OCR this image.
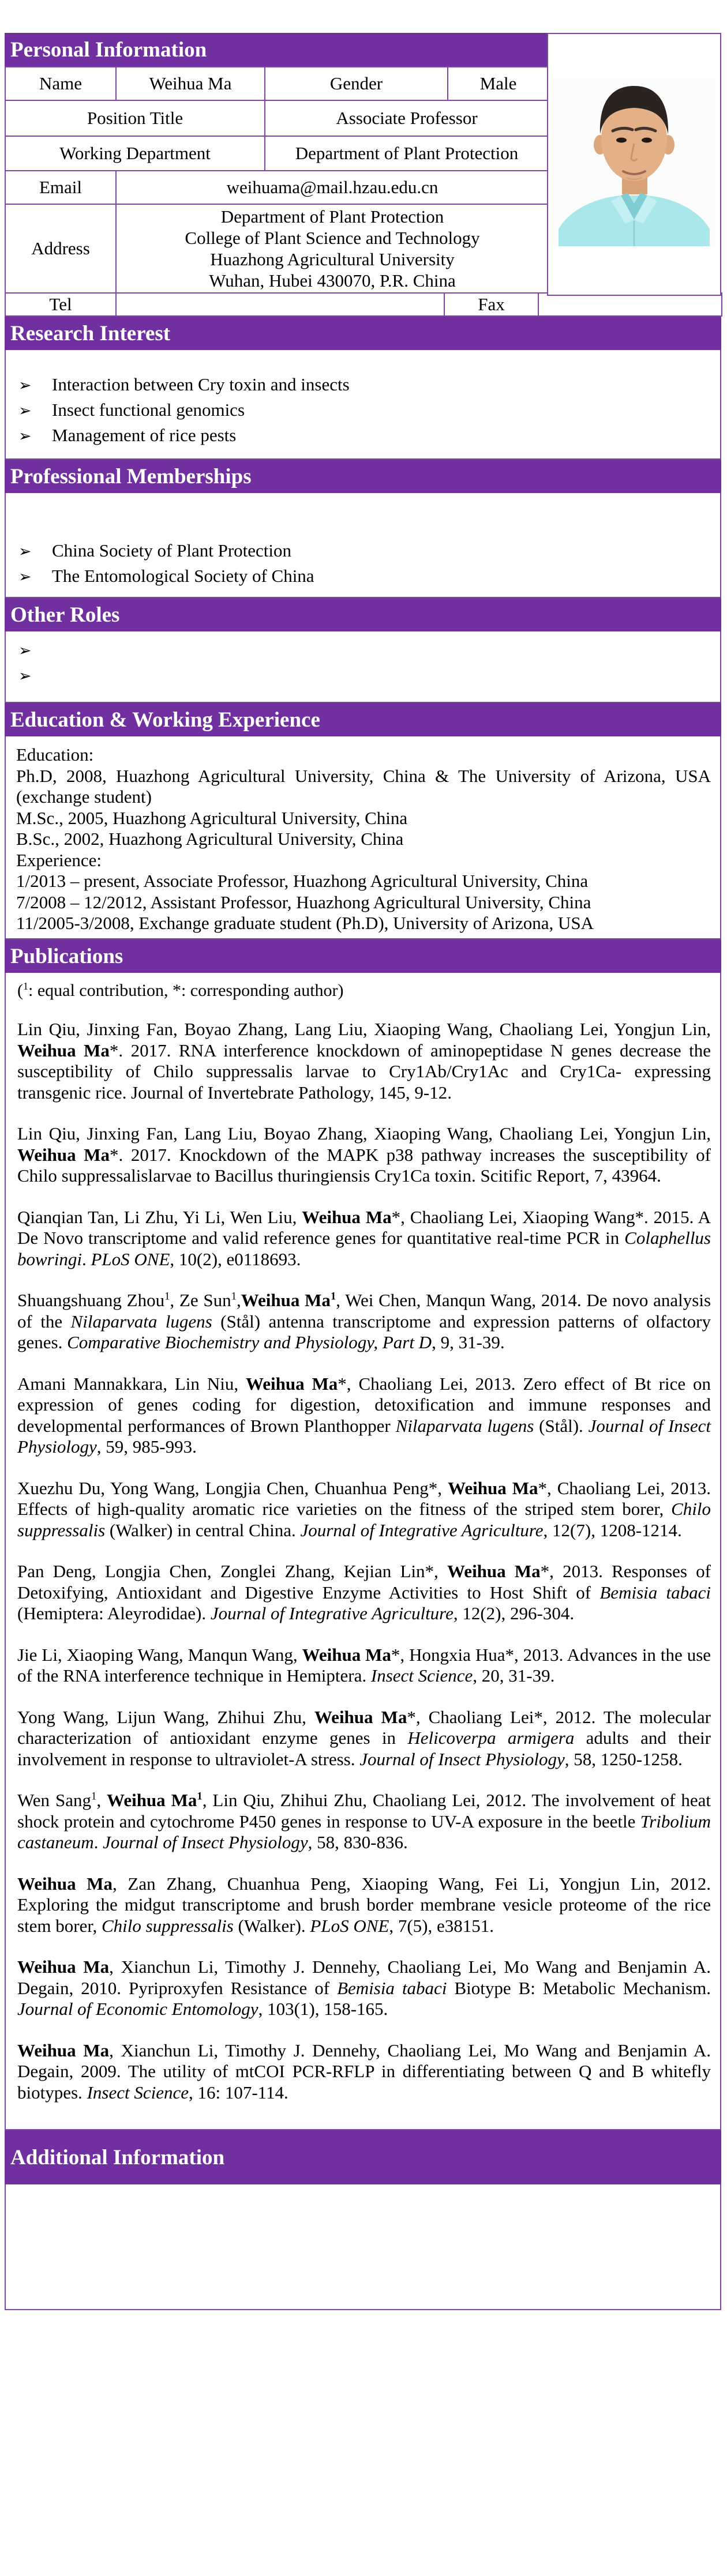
Personal Information
Name	Weihua Ma	Gender	Male
Position Title		Associate Professor	
Working Department		Department of Plant Protection	
Email	weihuama@mail.hzau.edu.cn		
Address	Department of Plant Protection
College of Plant Science and Technology
Huazhong Agricultural University
Wuhan, Hubei 430070, P.R. China		
Tel		Fax	
Research Interest
➢	Interaction between Cry toxin and insects
➢	Insect functional genomics
➢	Management of rice pests
Professional Memberships
➢	China Society of Plant Protection
➢	The Entomological Society of China
Other Roles
➢
➢
Education & Working Experience

Education:

Ph.D, 2008, Huazhong Agricultural University, China & The University of Arizona, USA (exchange student)

M.Sc., 2005, Huazhong Agricultural University, China

B.Sc., 2002, Huazhong Agricultural University, China

Experience:

1/2013 – present, Associate Professor, Huazhong Agricultural University, China

7/2008 – 12/2012, Assistant Professor, Huazhong Agricultural University, China

11/2005-3/2008, Exchange graduate student (Ph.D), University of Arizona, USA

Publications

($^1$: equal contribution, *: corresponding author)

Lin Qiu, Jinxing Fan, Boyao Zhang, Lang Liu, Xiaoping Wang, Chaoliang Lei, Yongjun Lin, Weihua Ma*. 2017. RNA interference knockdown of aminopeptidase N genes decrease the susceptibility of Chilo suppressalis larvae to Cry1Ab/Cry1Ac and Cry1Ca- expressing transgenic rice. Journal of Invertebrate Pathology, 145, 9-12.

Lin Qiu, Jinxing Fan, Lang Liu, Boyao Zhang, Xiaoping Wang, Chaoliang Lei, Yongjun Lin, Weihua Ma*. 2017. Knockdown of the MAPK p38 pathway increases the susceptibility of Chilo suppressalislarvae to Bacillus thuringiensis Cry1Ca toxin. Scitific Report, 7, 43964.

Qianqian Tan, Li Zhu, Yi Li, Wen Liu, Weihua Ma*, Chaoliang Lei, Xiaoping Wang*. 2015. A De Novo transcriptome and valid reference genes for quantitative real-time PCR in Colaphellus bowringi. PLoS ONE, 10(2), e0118693.

Shuangshuang Zhou$^1$, Ze Sun$^1$,Weihua Ma$^1$, Wei Chen, Manqun Wang, 2014. De novo analysis of the Nilaparvata lugens (Stål) antenna transcriptome and expression patterns of olfactory genes. Comparative Biochemistry and Physiology, Part D, 9, 31-39.

Amani Mannakkara, Lin Niu, Weihua Ma*, Chaoliang Lei, 2013. Zero effect of Bt rice on expression of genes coding for digestion, detoxification and immune responses and developmental performances of Brown Planthopper Nilaparvata lugens (Stål). Journal of Insect Physiology, 59, 985-993.

Xuezhu Du, Yong Wang, Longjia Chen, Chuanhua Peng*, Weihua Ma*, Chaoliang Lei, 2013. Effects of high-quality aromatic rice varieties on the fitness of the striped stem borer, Chilo suppressalis (Walker) in central China. Journal of Integrative Agriculture, 12(7), 1208-1214.

Pan Deng, Longjia Chen, Zonglei Zhang, Kejian Lin*, Weihua Ma*, 2013. Responses of Detoxifying, Antioxidant and Digestive Enzyme Activities to Host Shift of Bemisia tabaci (Hemiptera: Aleyrodidae). Journal of Integrative Agriculture, 12(2), 296-304.

Jie Li, Xiaoping Wang, Manqun Wang, Weihua Ma*, Hongxia Hua*, 2013. Advances in the use of the RNA interference technique in Hemiptera. Insect Science, 20, 31-39.

Yong Wang, Lijun Wang, Zhihui Zhu, Weihua Ma*, Chaoliang Lei*, 2012. The molecular characterization of antioxidant enzyme genes in Helicoverpa armigera adults and their involvement in response to ultraviolet-A stress. Journal of Insect Physiology, 58, 1250-1258.

Wen Sang$^1$, Weihua Ma$^1$, Lin Qiu, Zhihui Zhu, Chaoliang Lei, 2012. The involvement of heat shock protein and cytochrome P450 genes in response to UV-A exposure in the beetle Tribolium castaneum. Journal of Insect Physiology, 58, 830-836.

Weihua Ma, Zan Zhang, Chuanhua Peng, Xiaoping Wang, Fei Li, Yongjun Lin, 2012. Exploring the midgut transcriptome and brush border membrane vesicle proteome of the rice stem borer, Chilo suppressalis (Walker). PLoS ONE, 7(5), e38151.

Weihua Ma, Xianchun Li, Timothy J. Dennehy, Chaoliang Lei, Mo Wang and Benjamin A. Degain, 2010. Pyriproxyfen Resistance of Bemisia tabaci Biotype B: Metabolic Mechanism. Journal of Economic Entomology, 103(1), 158-165.

Weihua Ma, Xianchun Li, Timothy J. Dennehy, Chaoliang Lei, Mo Wang and Benjamin A. Degain, 2009. The utility of mtCOI PCR-RFLP in differentiating between Q and B whitefly biotypes. Insect Science, 16: 107-114.

Additional Information
